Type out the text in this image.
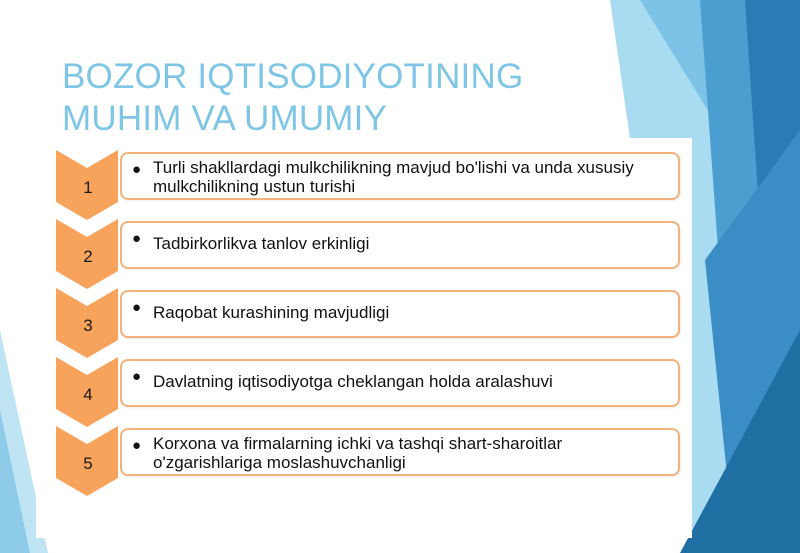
BOZOR IQTISODIYOTINING
MUHIM VA UMUMIY
1
● Turli shakllardagi mulkchilikning mavjud bo'lishi va unda xususiy mulkchilikning ustun turishi
2
● Tadbirkorlikva tanlov erkinligi
3
● Raqobat kurashining mavjudligi
4
● Davlatning iqtisodiyotga cheklangan holda aralashuvi
5
● Korxona va firmalarning ichki va tashqi shart-sharoitlar o'zgarishlariga moslashuvchanligi
